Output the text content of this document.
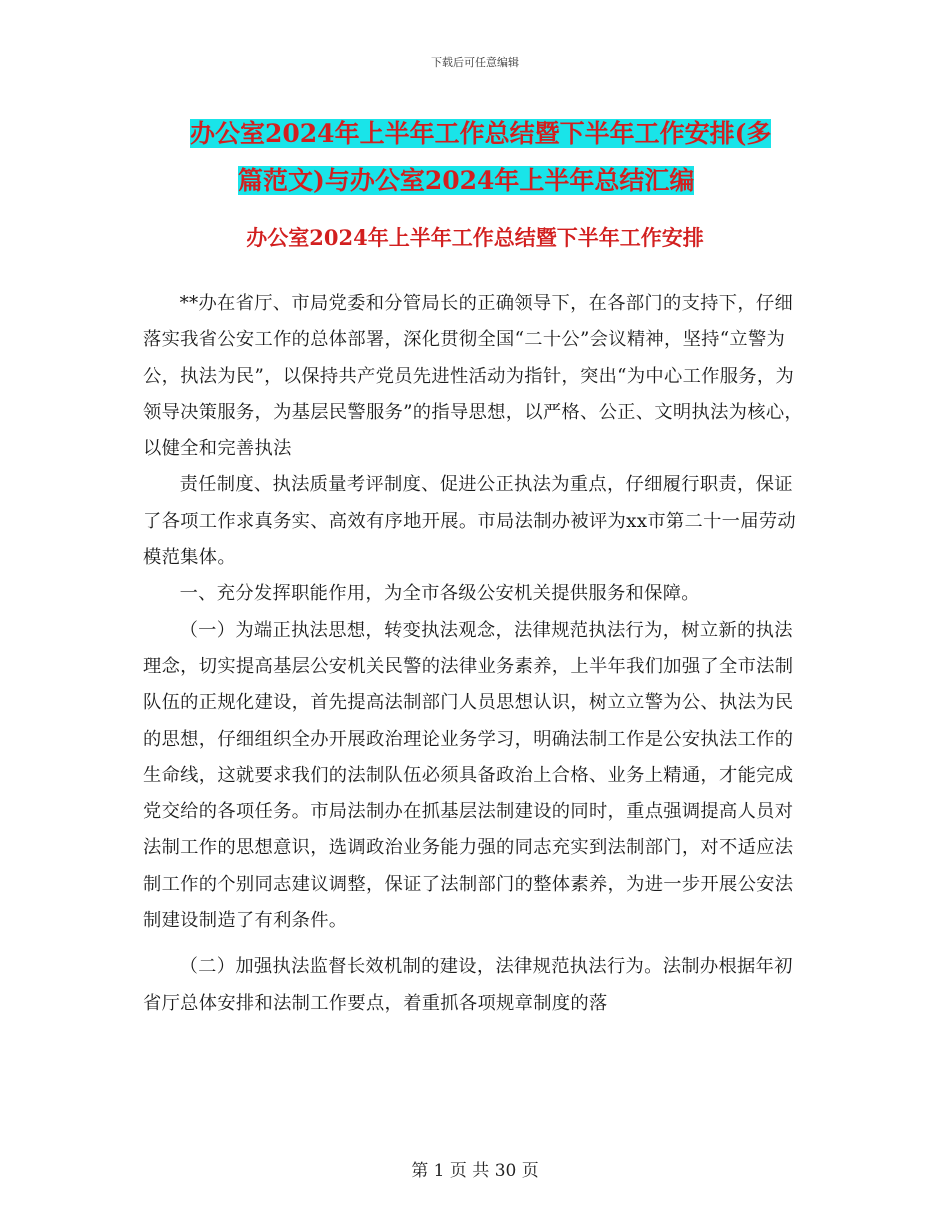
下载后可任意编辑
办公室2024年上半年工作总结暨下半年工作安排(多
篇范文)与办公室2024年上半年总结汇编
办公室2024年上半年工作总结暨下半年工作安排

**办在省厅、市局党委和分管局长的正确领导下，在各部门的支持下，仔细落实我省公安工作的总体部署，深化贯彻全国“二十公”会议精神，坚持“立警为公，执法为民”，以保持共产党员先进性活动为指针，突出“为中心工作服务，为领导决策服务，为基层民警服务”的指导思想，以严格、公正、文明执法为核心，以健全和完善执法

责任制度、执法质量考评制度、促进公正执法为重点，仔细履行职责，保证了各项工作求真务实、高效有序地开展。市局法制办被评为xx市第二十一届劳动模范集体。

一、充分发挥职能作用，为全市各级公安机关提供服务和保障。

（一）为端正执法思想，转变执法观念，法律规范执法行为，树立新的执法理念，切实提高基层公安机关民警的法律业务素养，上半年我们加强了全市法制队伍的正规化建设，首先提高法制部门人员思想认识，树立立警为公、执法为民的思想，仔细组织全办开展政治理论业务学习，明确法制工作是公安执法工作的生命线，这就要求我们的法制队伍必须具备政治上合格、业务上精通，才能完成党交给的各项任务。市局法制办在抓基层法制建设的同时，重点强调提高人员对法制工作的思想意识，选调政治业务能力强的同志充实到法制部门，对不适应法制工作的个别同志建议调整，保证了法制部门的整体素养，为进一步开展公安法制建设制造了有利条件。

（二）加强执法监督长效机制的建设，法律规范执法行为。法制办根据年初省厅总体安排和法制工作要点，着重抓各项规章制度的落

第 1 页 共 30 页
